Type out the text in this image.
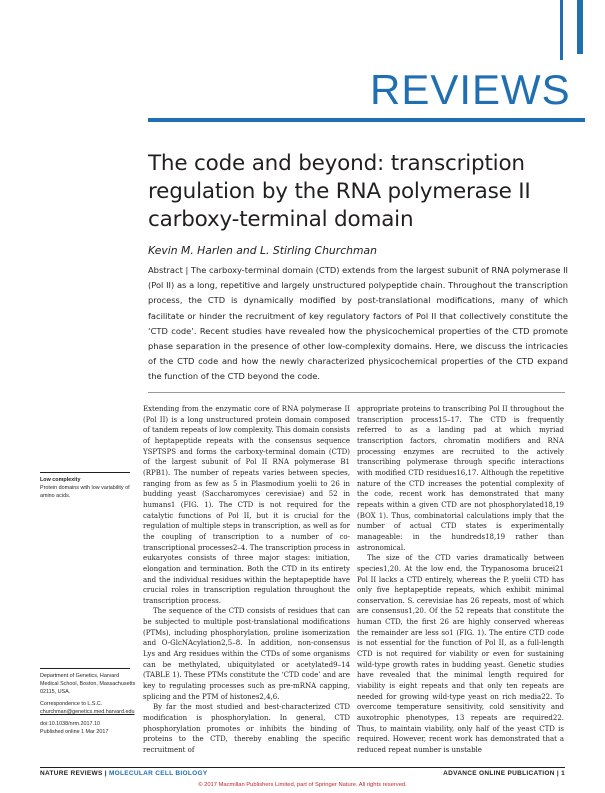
REVIEWS
The code and beyond: transcription regulation by the RNA polymerase II carboxy-terminal domain
Kevin M. Harlen and L. Stirling Churchman
Abstract | The carboxy-terminal domain (CTD) extends from the largest subunit of RNA polymerase II (Pol II) as a long, repetitive and largely unstructured polypeptide chain. Throughout the transcription process, the CTD is dynamically modified by post-translational modifications, many of which facilitate or hinder the recruitment of key regulatory factors of Pol II that collectively constitute the ‘CTD code’. Recent studies have revealed how the physicochemical properties of the CTD promote phase separation in the presence of other low-complexity domains. Here, we discuss the intricacies of the CTD code and how the newly characterized physicochemical properties of the CTD expand the function of the CTD beyond the code.
Low complexity
Protein domains with low variability of amino acids.
Department of Genetics, Harvard Medical School, Boston, Massachusetts 02115, USA.
Correspondence to L.S.C.
churchman@genetics.med.harvard.edu
doi:10.1038/nrm.2017.10
Published online 1 Mar 2017

Extending from the enzymatic core of RNA polymerase II (Pol II) is a long unstructured protein domain composed of tandem repeats of low complexity. This domain consists of heptapeptide repeats with the consensus sequence YSPTSPS and forms the carboxy-terminal domain (CTD) of the largest subunit of Pol II RNA polymerase B1 (RPB1). The number of repeats varies between species, ranging from as few as 5 in Plasmodium yoelii to 26 in budding yeast (Saccharomyces cerevisiae) and 52 in humans1 (FIG. 1). The CTD is not required for the catalytic functions of Pol II, but it is crucial for the regulation of multiple steps in transcription, as well as for the coupling of transcription to a number of co-transcriptional processes2–4. The transcription process in eukaryotes consists of three major stages: initiation, elongation and termination. Both the CTD in its entirety and the individual residues within the heptapeptide have crucial roles in transcription regulation throughout the transcription process.

The sequence of the CTD consists of residues that can be subjected to multiple post-translational modifications (PTMs), including phosphorylation, proline isomerization and O-GlcNAcylation2,5–8. In addition, non-consensus Lys and Arg residues within the CTDs of some organisms can be methylated, ubiquitylated or acetylated9–14 (TABLE 1). These PTMs constitute the ‘CTD code’ and are key to regulating processes such as pre-mRNA capping, splicing and the PTM of histones2,4,6.

By far the most studied and best-characterized CTD modification is phosphorylation. In general, CTD phosphorylation promotes or inhibits the binding of proteins to the CTD, thereby enabling the specific recruitment of

appropriate proteins to transcribing Pol II throughout the transcription process15–17. The CTD is frequently referred to as a landing pad at which myriad transcription factors, chromatin modifiers and RNA processing enzymes are recruited to the actively transcribing polymerase through specific interactions with modified CTD residues16,17. Although the repetitive nature of the CTD increases the potential complexity of the code, recent work has demonstrated that many repeats within a given CTD are not phosphorylated18,19 (BOX 1). Thus, combinatorial calculations imply that the number of actual CTD states is experimentally manageable: in the hundreds18,19 rather than astronomical.

The size of the CTD varies dramatically between species1,20. At the low end, the Trypanosoma brucei21 Pol II lacks a CTD entirely, whereas the P. yoelii CTD has only five heptapeptide repeats, which exhibit minimal conservation. S. cerevisiae has 26 repeats, most of which are consensus1,20. Of the 52 repeats that constitute the human CTD, the first 26 are highly conserved whereas the remainder are less so1 (FIG. 1). The entire CTD code is not essential for the function of Pol II, as a full-length CTD is not required for viability or even for sustaining wild-type growth rates in budding yeast. Genetic studies have revealed that the minimal length required for viability is eight repeats and that only ten repeats are needed for growing wild-type yeast on rich media22. To overcome temperature sensitivity, cold sensitivity and auxotrophic phenotypes, 13 repeats are required22. Thus, to maintain viability, only half of the yeast CTD is required. However, recent work has demonstrated that a reduced repeat number is unstable

NATURE REVIEWS | MOLECULAR CELL BIOLOGY	ADVANCE ONLINE PUBLICATION | 1
© 2017 Macmillan Publishers Limited, part of Springer Nature. All rights reserved.
